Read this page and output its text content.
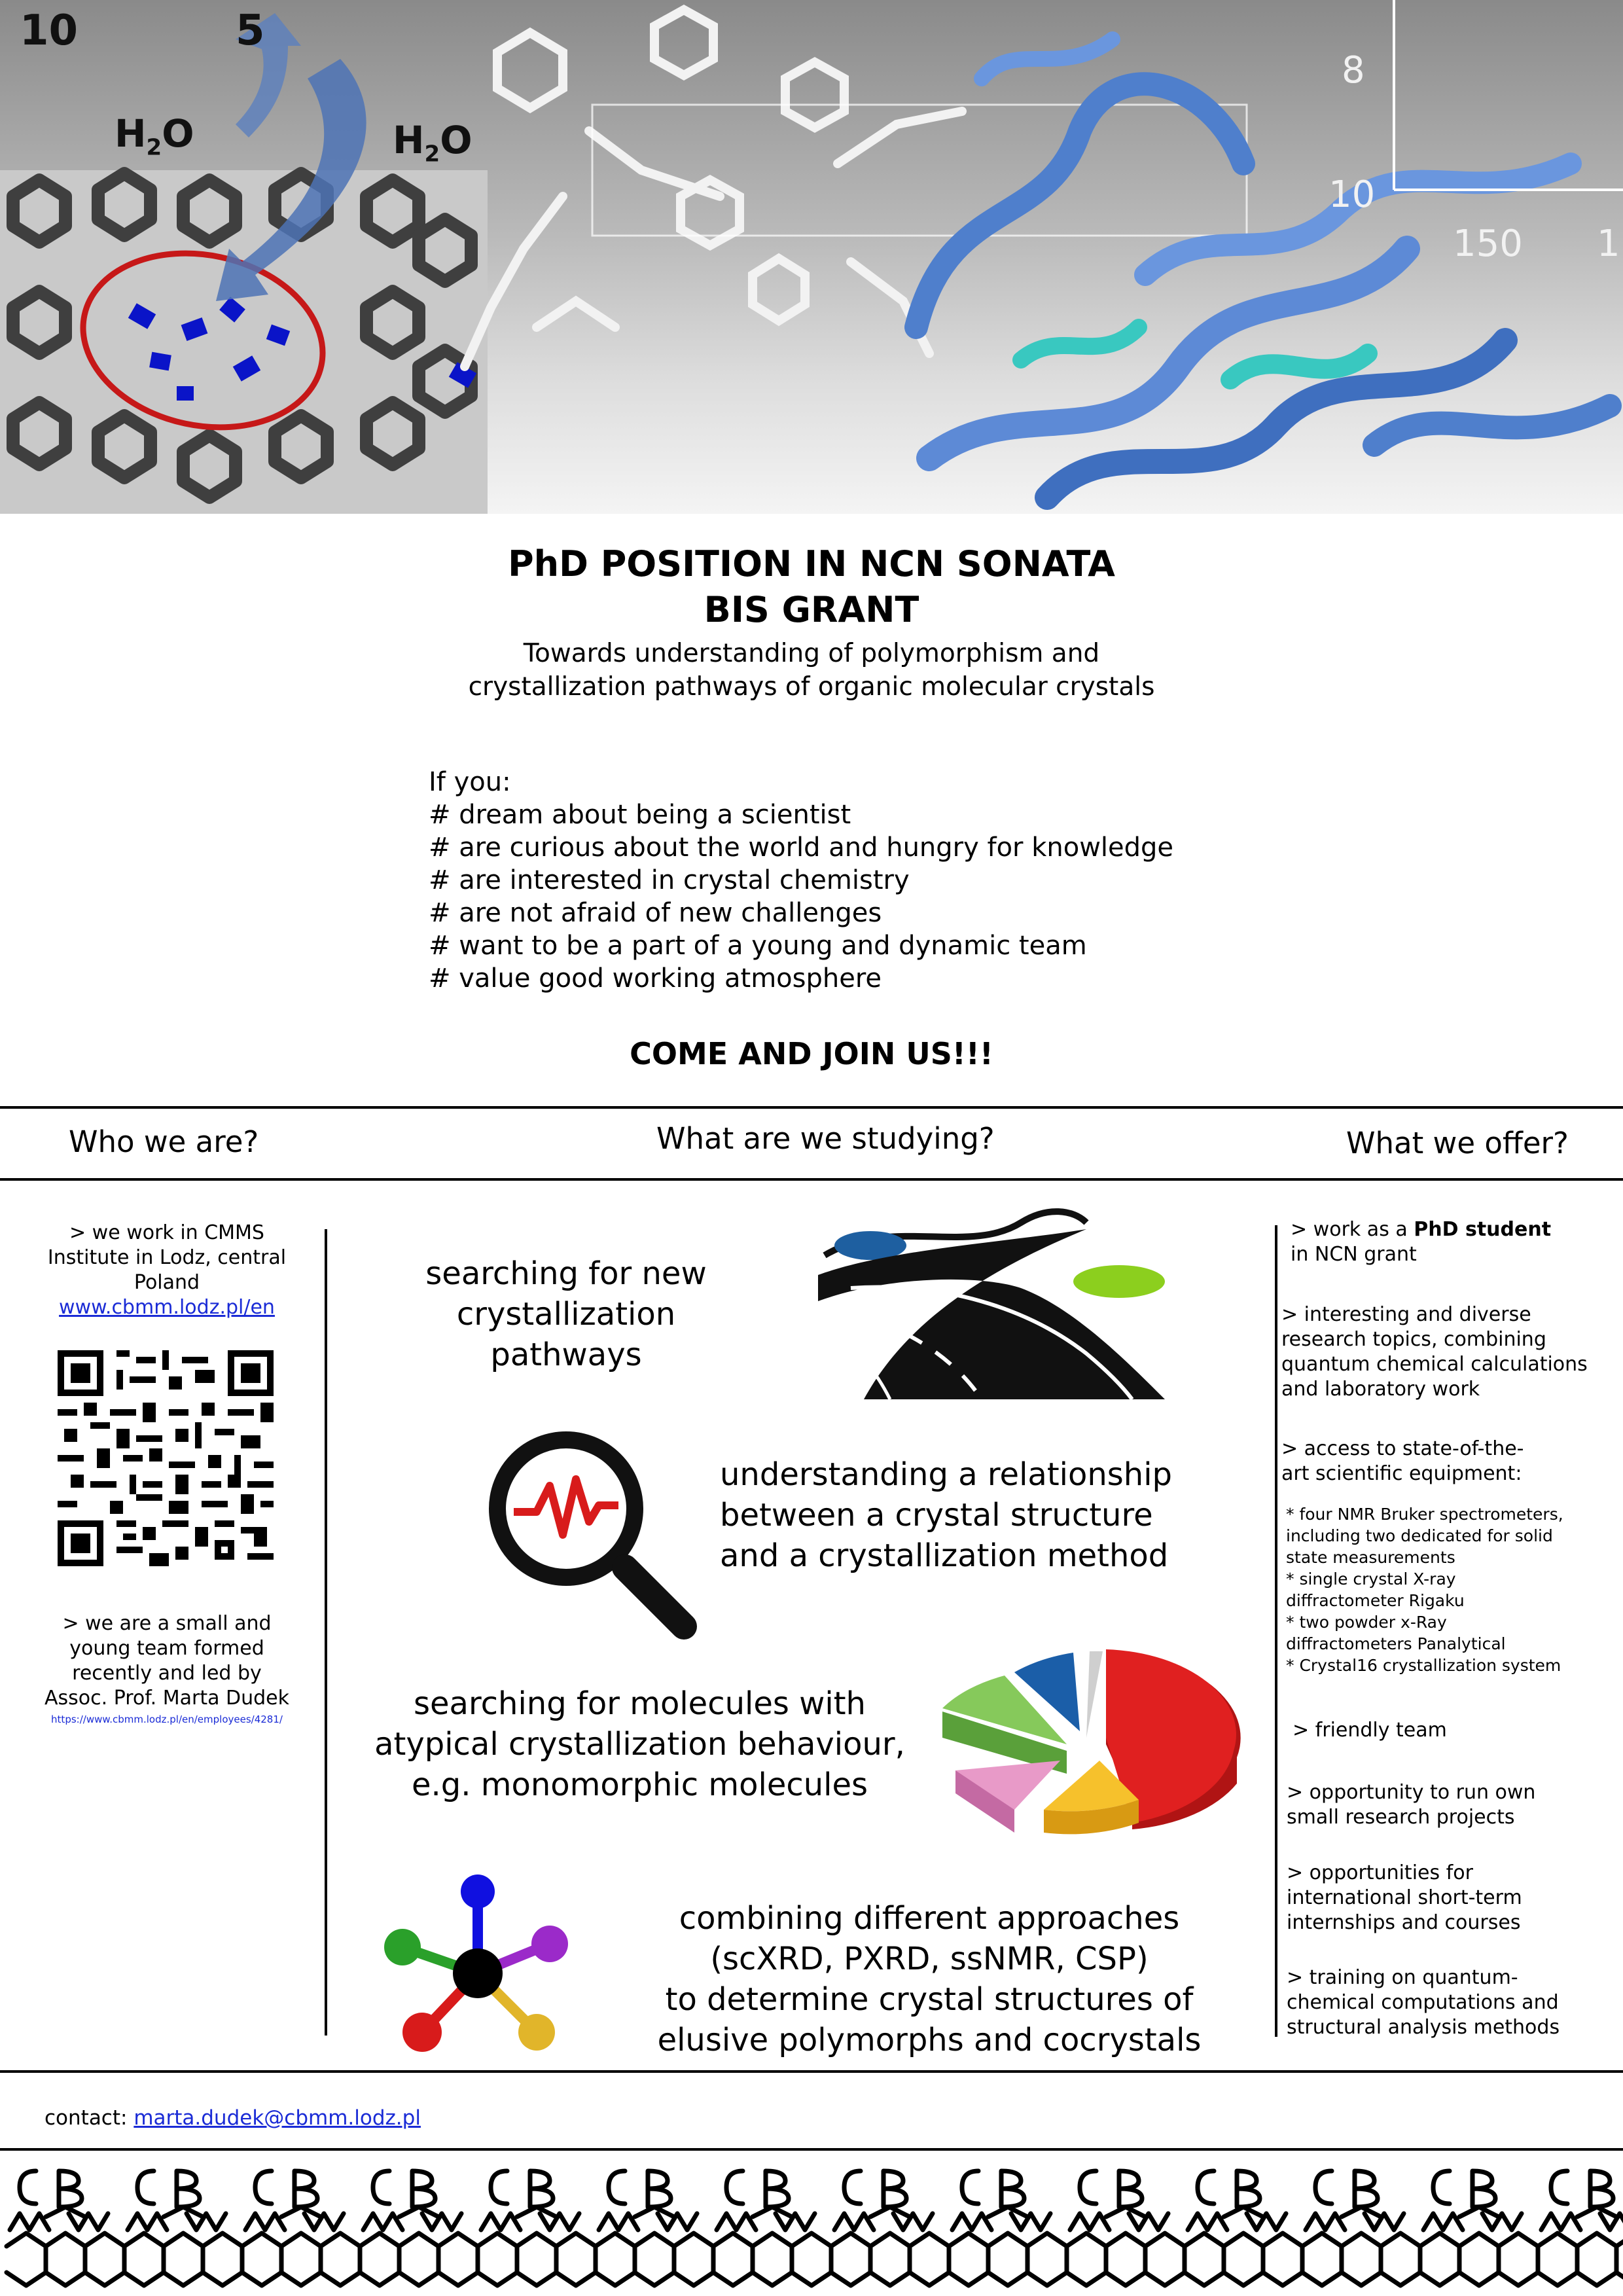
10	5
$H_2O$	$H_2O$
8
10
150 1
PhD POSITION IN NCN SONATA
BIS GRANT
Towards understanding of polymorphism and
crystallization pathways of organic molecular crystals
If you:
# dream about being a scientist
# are curious about the world and hungry for knowledge
# are interested in crystal chemistry
# are not afraid of new challenges
# want to be a part of a young and dynamic team
# value good working atmosphere
COME AND JOIN US!!!
Who we are?	What are we studying?	What we offer?
> we work in CMMS
Institute in Lodz, central
Poland
www.cbmm.lodz.pl/en
> we are a small and
young team formed
recently and led by
Assoc. Prof. Marta Dudek
https://www.cbmm.lodz.pl/en/employees/4281/
searching for new
crystallization
pathways
understanding a relationship
between a crystal structure
and a crystallization method
searching for molecules with
atypical crystallization behaviour,
e.g. monomorphic molecules
combining different approaches
(scXRD, PXRD, ssNMR, CSP)
to determine crystal structures of
elusive polymorphs and cocrystals
> work as a PhD student
in NCN grant
> interesting and diverse
research topics, combining
quantum chemical calculations
and laboratory work
> access to state-of-the-
art scientific equipment:
* four NMR Bruker spectrometers,
including two dedicated for solid
state measurements
* single crystal X-ray
diffractometer Rigaku
* two powder x-Ray
diffractometers Panalytical
* Crystal16 crystallization system
> friendly team
> opportunity to run own
small research projects
> opportunities for
international short-term
internships and courses
> training on quantum-
chemical computations and
structural analysis methods
contact: marta.dudek@cbmm.lodz.pl
